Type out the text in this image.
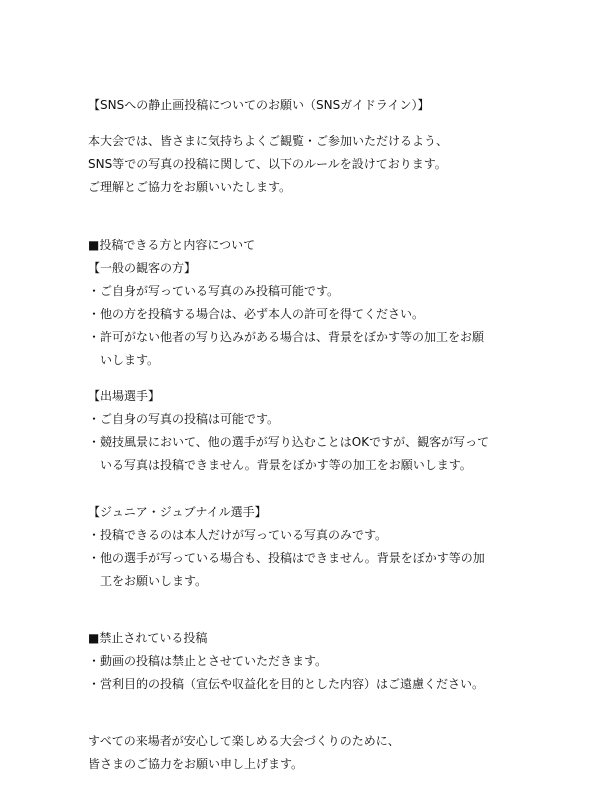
【SNSへの静止画投稿についてのお願い（SNSガイドライン）】
本大会では、皆さまに気持ちよくご観覧・ご参加いただけるよう、
SNS等での写真の投稿に関して、以下のルールを設けております。
ご理解とご協力をお願いいたします。
■投稿できる方と内容について
【一般の観客の方】
・ご自身が写っている写真のみ投稿可能です。
・他の方を投稿する場合は、必ず本人の許可を得てください。
・許可がない他者の写り込みがある場合は、背景をぼかす等の加工をお願
いします。
【出場選手】
・ご自身の写真の投稿は可能です。
・競技風景において、他の選手が写り込むことはOKですが、観客が写って
いる写真は投稿できません。背景をぼかす等の加工をお願いします。
【ジュニア・ジュブナイル選手】
・投稿できるのは本人だけが写っている写真のみです。
・他の選手が写っている場合も、投稿はできません。背景をぼかす等の加
工をお願いします。
■禁止されている投稿
・動画の投稿は禁止とさせていただきます。
・営利目的の投稿（宣伝や収益化を目的とした内容）はご遠慮ください。
すべての来場者が安心して楽しめる大会づくりのために、
皆さまのご協力をお願い申し上げます。
